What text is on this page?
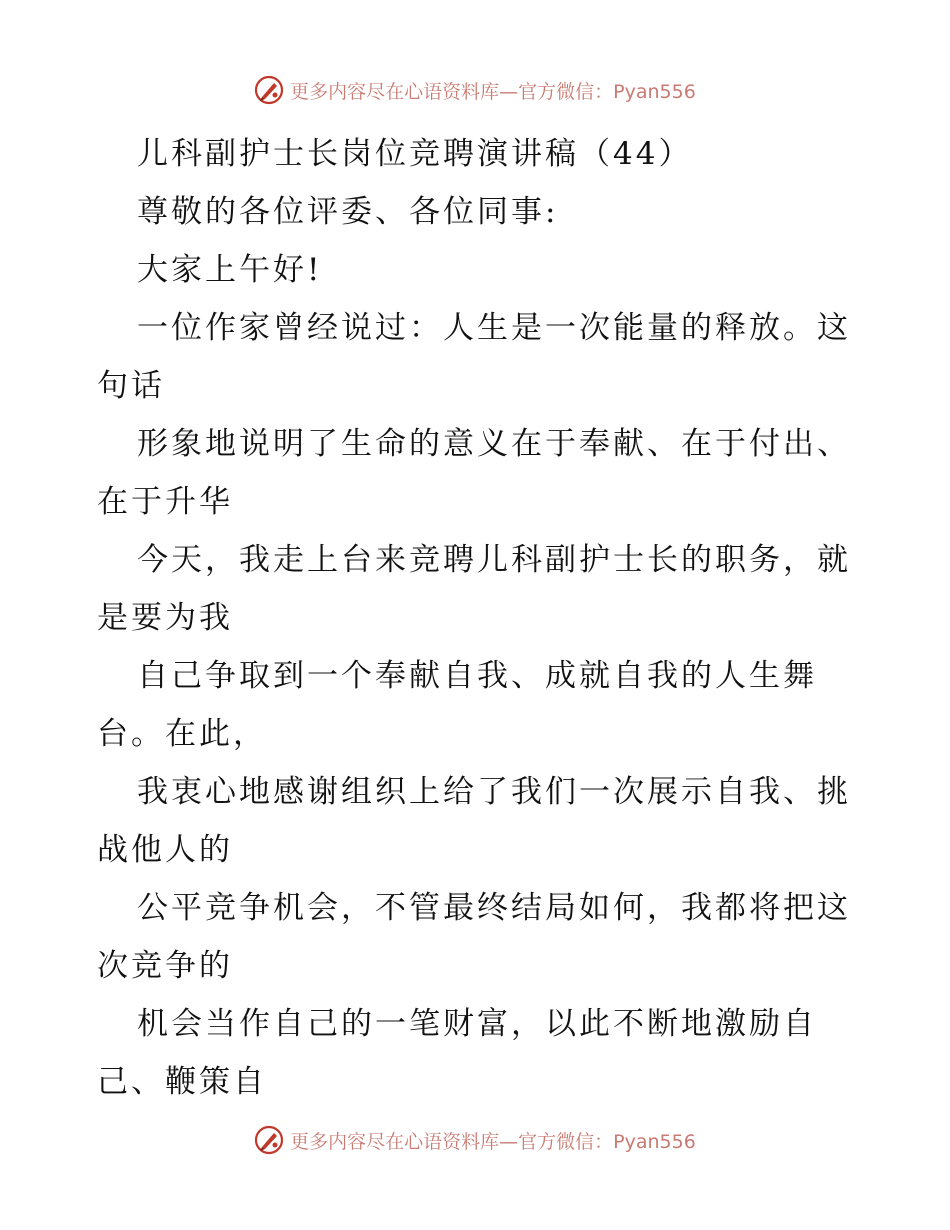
更多内容尽在心语资料库—官方微信：Pyan556

儿科副护士长岗位竞聘演讲稿（44）

尊敬的各位评委、各位同事:

大家上午好!

一位作家曾经说过：人生是一次能量的释放。这

句话

形象地说明了生命的意义在于奉献、在于付出、

在于升华

今天，我走上台来竞聘儿科副护士长的职务，就

是要为我

自己争取到一个奉献自我、成就自我的人生舞

台。在此，

我衷心地感谢组织上给了我们一次展示自我、挑

战他人的

公平竞争机会，不管最终结局如何，我都将把这

次竞争的

机会当作自己的一笔财富，以此不断地激励自

己、鞭策自

更多内容尽在心语资料库—官方微信：Pyan556
